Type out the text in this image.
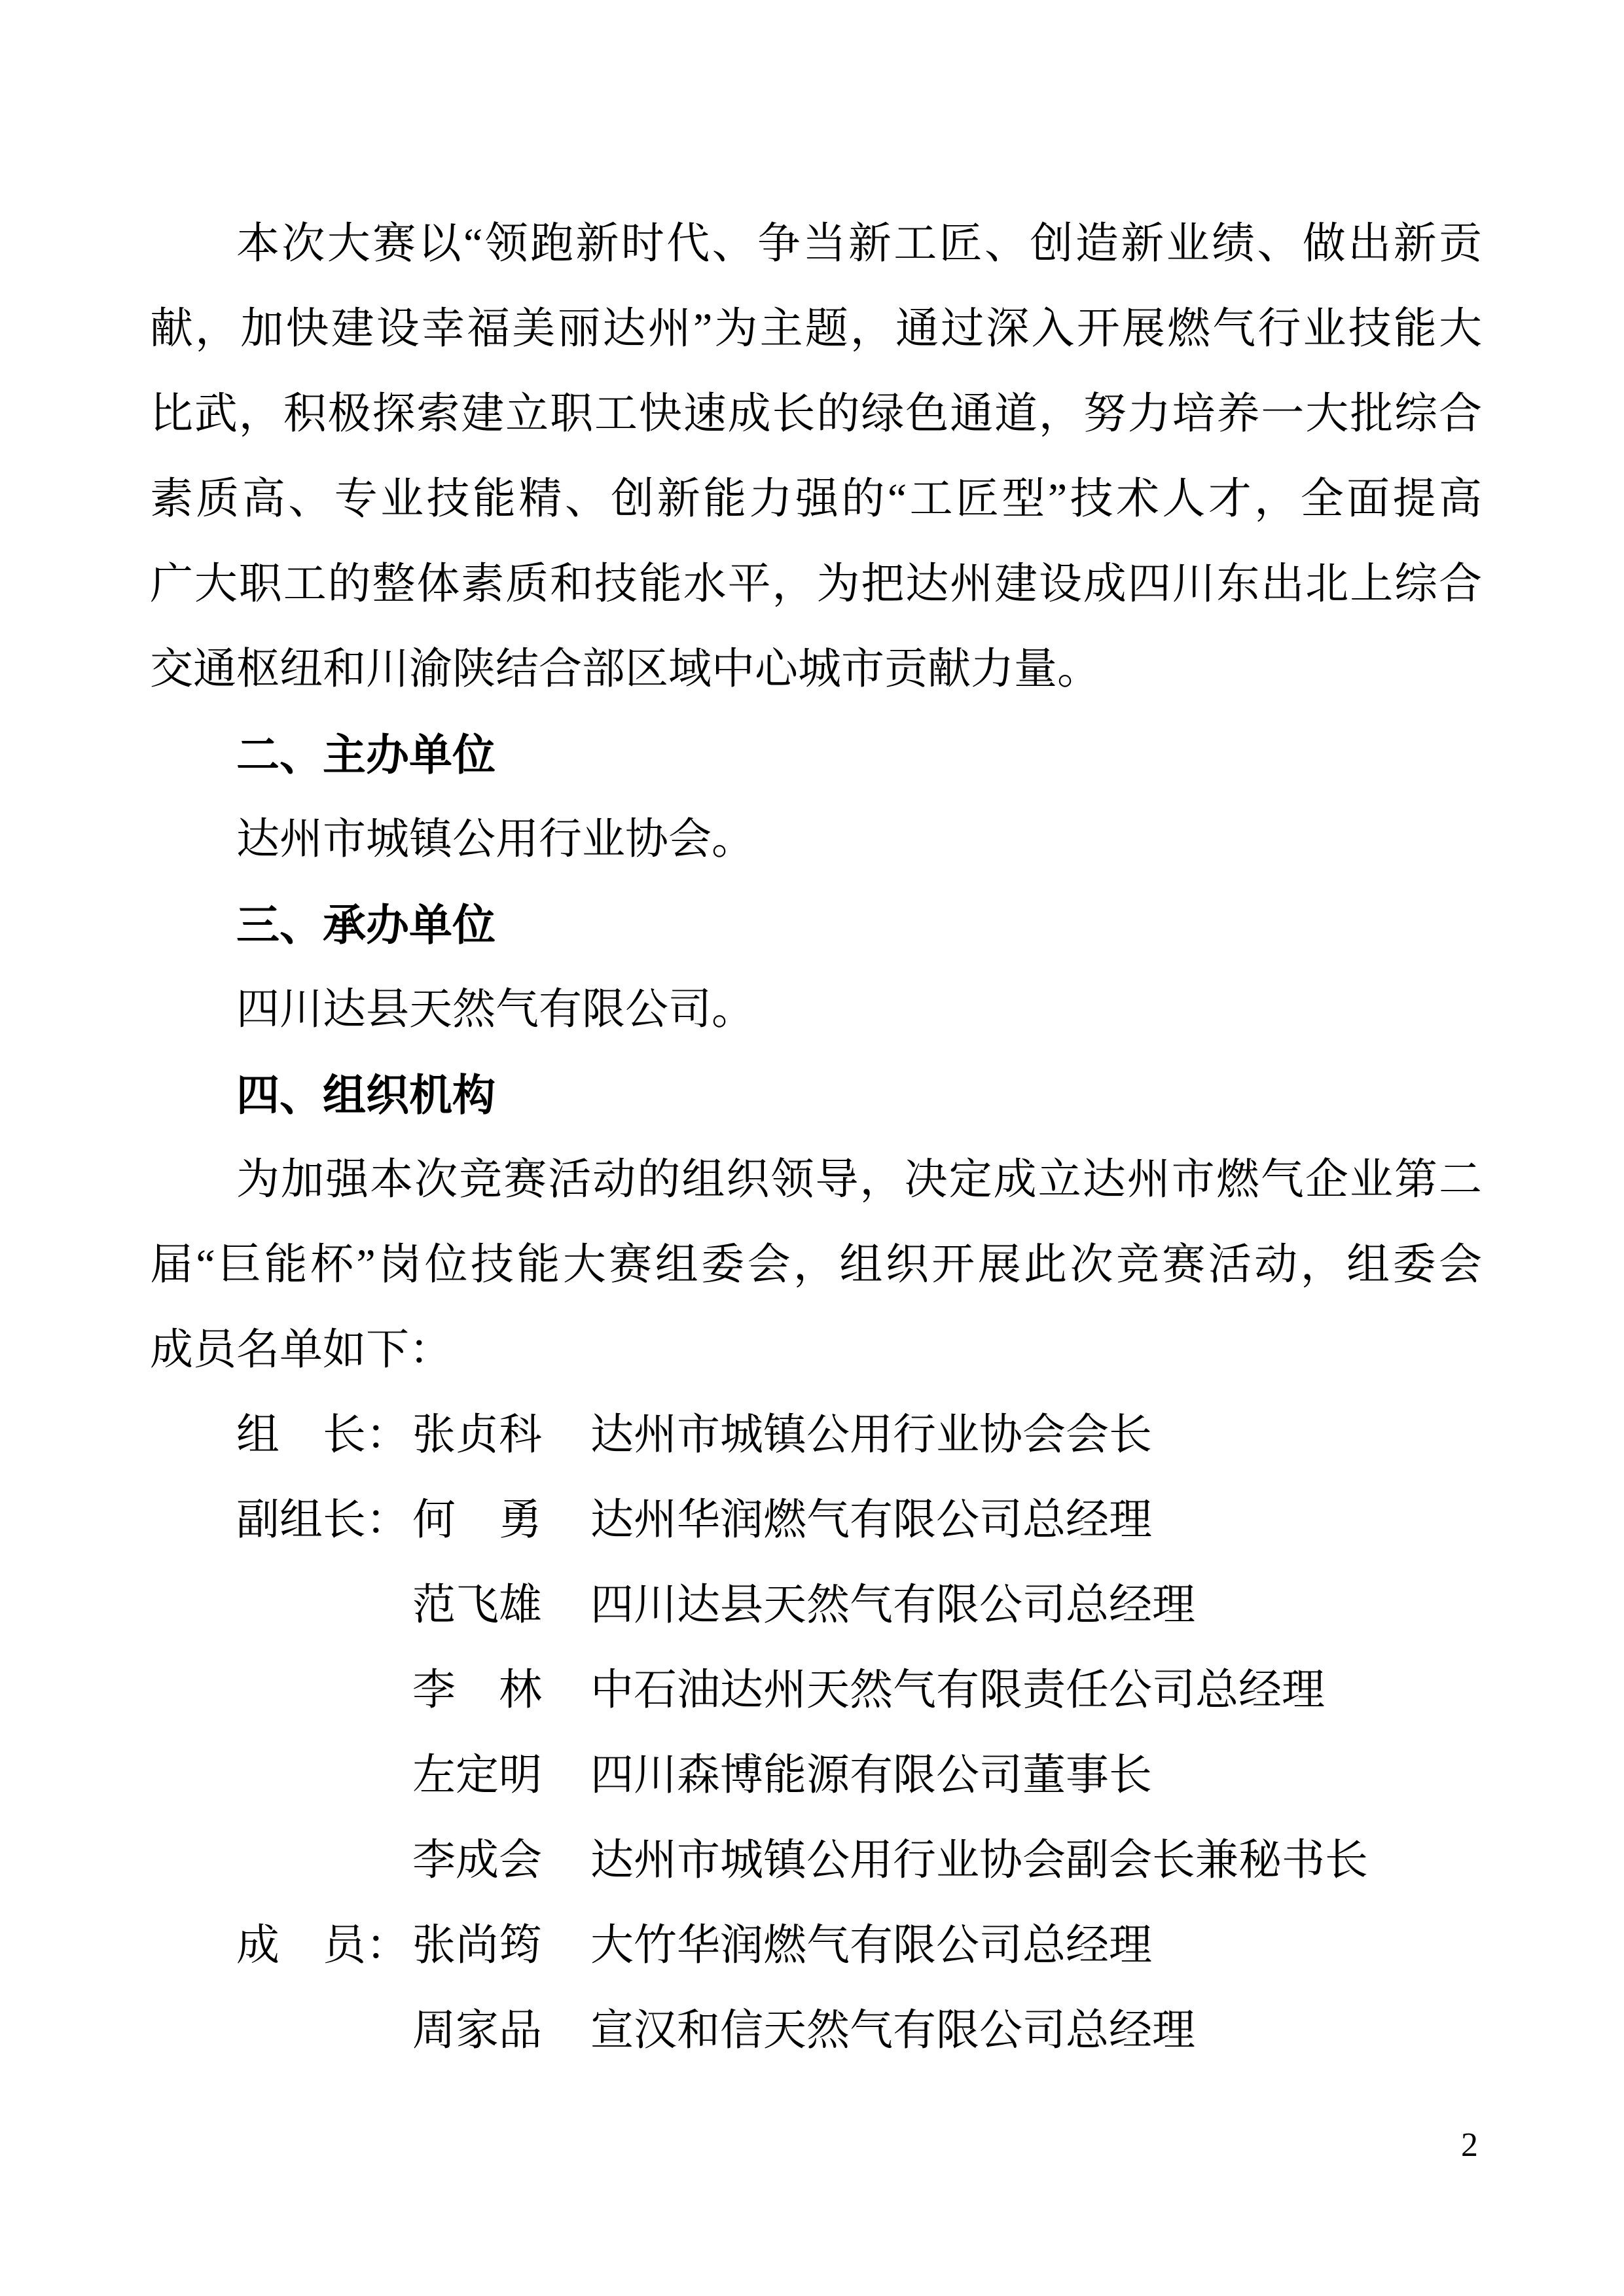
本次大赛以“领跑新时代、争当新工匠、创造新业绩、做出新贡
献，加快建设幸福美丽达州”为主题，通过深入开展燃气行业技能大
比武，积极探索建立职工快速成长的绿色通道，努力培养一大批综合
素质高、专业技能精、创新能力强的“工匠型”技术人才，全面提高
广大职工的整体素质和技能水平，为把达州建设成四川东出北上综合
交通枢纽和川渝陕结合部区域中心城市贡献力量。
二、主办单位
达州市城镇公用行业协会。
三、承办单位
四川达县天然气有限公司。
四、组织机构
为加强本次竞赛活动的组织领导，决定成立达州市燃气企业第二
届“巨能杯”岗位技能大赛组委会，组织开展此次竞赛活动，组委会
成员名单如下：
组　长： 张贞科 达州市城镇公用行业协会会长
副组长： 何　勇 达州华润燃气有限公司总经理
范飞雄 四川达县天然气有限公司总经理
李　林 中石油达州天然气有限责任公司总经理
左定明 四川森博能源有限公司董事长
李成会 达州市城镇公用行业协会副会长兼秘书长
成　员： 张尚筠 大竹华润燃气有限公司总经理
周家品 宣汉和信天然气有限公司总经理
2
